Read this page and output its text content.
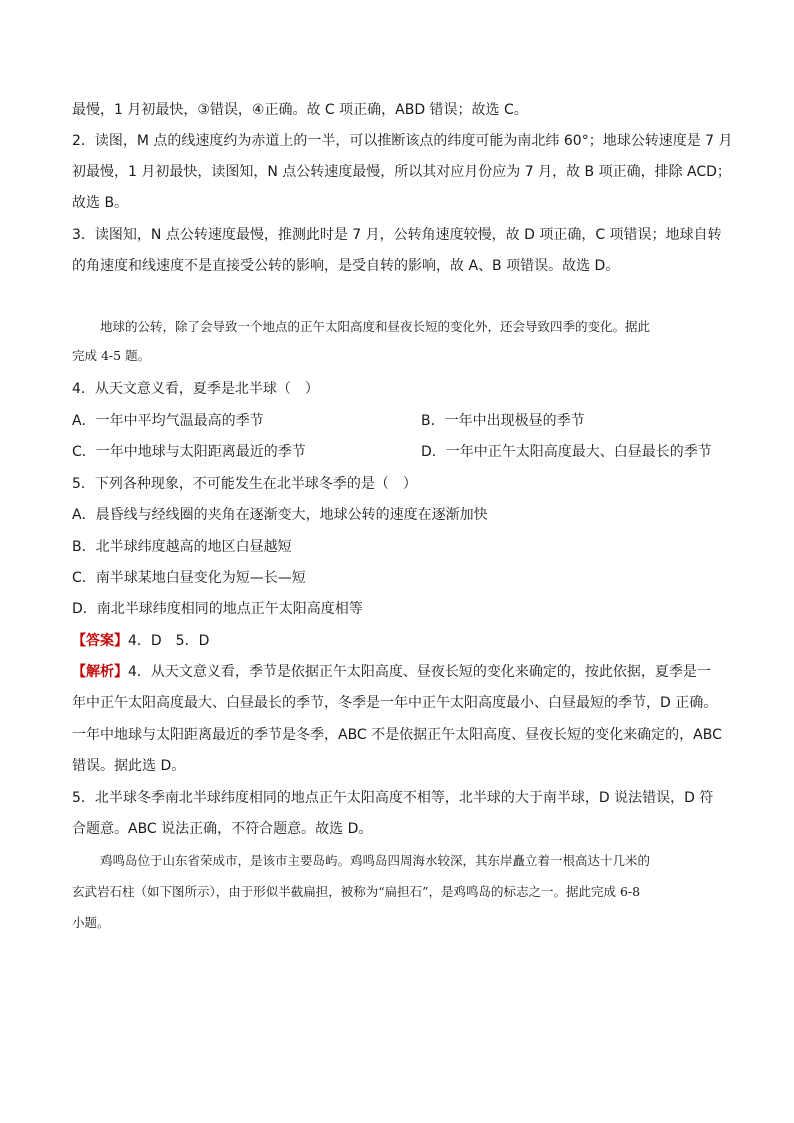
最慢，1 月初最快，③错误，④正确。故 C 项正确，ABD 错误；故选 C。
2．读图，M 点的线速度约为赤道上的一半，可以推断该点的纬度可能为南北纬 60°；地球公转速度是 7 月
初最慢，1 月初最快，读图知，N 点公转速度最慢，所以其对应月份应为 7 月，故 B 项正确，排除 ACD；
故选 B。
3．读图知，N 点公转速度最慢，推测此时是 7 月，公转角速度较慢，故 D 项正确，C 项错误；地球自转
的角速度和线速度不是直接受公转的影响，是受自转的影响，故 A、B 项错误。故选 D。
地球的公转，除了会导致一个地点的正午太阳高度和昼夜长短的变化外，还会导致四季的变化。据此
完成 4-5 题。
4．从天文意义看，夏季是北半球（　）
A．一年中平均气温最高的季节	B．一年中出现极昼的季节
C．一年中地球与太阳距离最近的季节	D．一年中正午太阳高度最大、白昼最长的季节
5．下列各种现象，不可能发生在北半球冬季的是（　）
A．晨昏线与经线圈的夹角在逐渐变大，地球公转的速度在逐渐加快
B．北半球纬度越高的地区白昼越短
C．南半球某地白昼变化为短—长—短
D．南北半球纬度相同的地点正午太阳高度相等
【答案】4．D　5．D
【解析】4．从天文意义看，季节是依据正午太阳高度、昼夜长短的变化来确定的，按此依据，夏季是一
年中正午太阳高度最大、白昼最长的季节，冬季是一年中正午太阳高度最小、白昼最短的季节，D 正确。
一年中地球与太阳距离最近的季节是冬季，ABC 不是依据正午太阳高度、昼夜长短的变化来确定的，ABC
错误。据此选 D。
5．北半球冬季南北半球纬度相同的地点正午太阳高度不相等，北半球的大于南半球，D 说法错误，D 符
合题意。ABC 说法正确，不符合题意。故选 D。
鸡鸣岛位于山东省荣成市，是该市主要岛屿。鸡鸣岛四周海水较深，其东岸矗立着一根高达十几米的
玄武岩石柱（如下图所示），由于形似半截扁担，被称为“扁担石”，是鸡鸣岛的标志之一。据此完成 6-8
小题。
